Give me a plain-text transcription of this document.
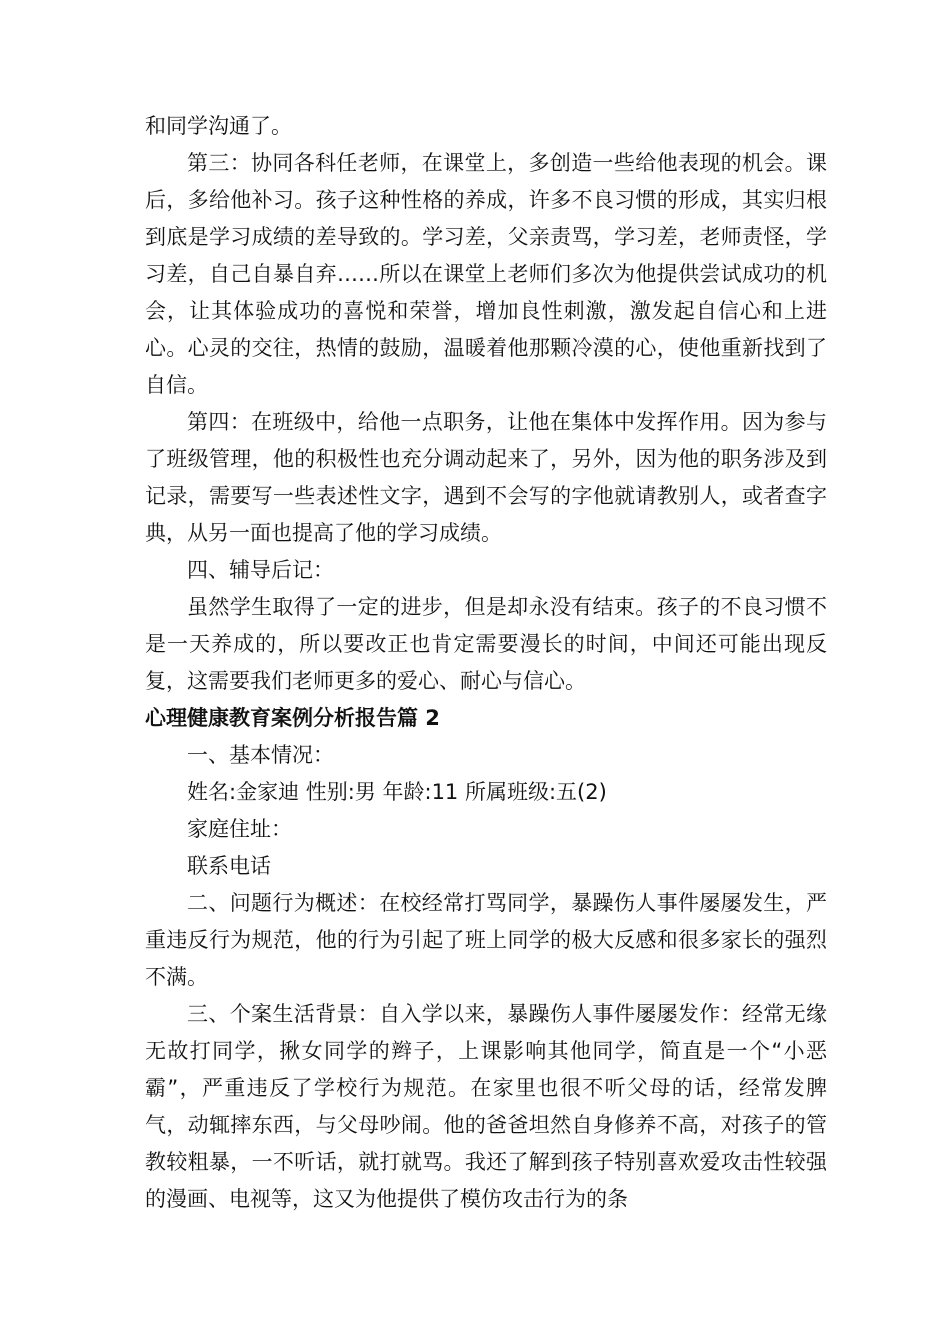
和同学沟通了。

第三：协同各科任老师，在课堂上，多创造一些给他表现的机会。课后，多给他补习。孩子这种性格的养成，许多不良习惯的形成，其实归根到底是学习成绩的差导致的。学习差，父亲责骂，学习差，老师责怪，学习差，自己自暴自弃……所以在课堂上老师们多次为他提供尝试成功的机会，让其体验成功的喜悦和荣誉，增加良性刺激，激发起自信心和上进心。心灵的交往，热情的鼓励，温暖着他那颗冷漠的心，使他重新找到了自信。

第四：在班级中，给他一点职务，让他在集体中发挥作用。因为参与了班级管理，他的积极性也充分调动起来了，另外，因为他的职务涉及到记录，需要写一些表述性文字，遇到不会写的字他就请教别人，或者查字典，从另一面也提高了他的学习成绩。

四、辅导后记：

虽然学生取得了一定的进步，但是却永没有结束。孩子的不良习惯不是一天养成的，所以要改正也肯定需要漫长的时间，中间还可能出现反复，这需要我们老师更多的爱心、耐心与信心。

心理健康教育案例分析报告篇 2

一、基本情况：

姓名:金家迪 性别:男 年龄:11 所属班级:五(2)

家庭住址：

联系电话

二、问题行为概述：在校经常打骂同学，暴躁伤人事件屡屡发生，严重违反行为规范，他的行为引起了班上同学的极大反感和很多家长的强烈不满。

三、个案生活背景：自入学以来，暴躁伤人事件屡屡发作：经常无缘无故打同学，揪女同学的辫子，上课影响其他同学，简直是一个“小恶霸”，严重违反了学校行为规范。在家里也很不听父母的话，经常发脾气，动辄摔东西，与父母吵闹。他的爸爸坦然自身修养不高，对孩子的管教较粗暴，一不听话，就打就骂。我还了解到孩子特别喜欢爱攻击性较强的漫画、电视等，这又为他提供了模仿攻击行为的条
